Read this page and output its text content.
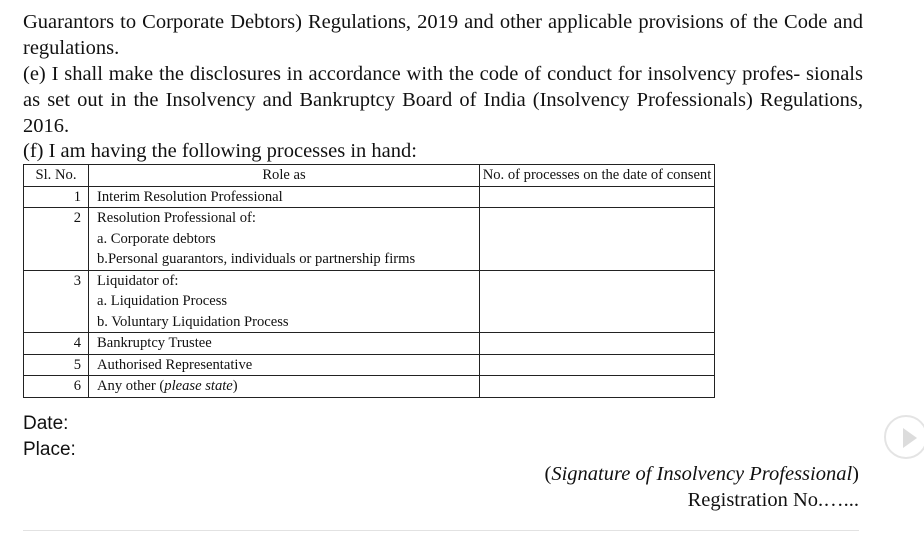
Guarantors to Corporate Debtors) Regulations, 2019 and other applicable provisions of the Code and regulations.
(e) I shall make the disclosures in accordance with the code of conduct for insolvency profes- sionals as set out in the Insolvency and Bankruptcy Board of India (Insolvency Professionals) Regulations, 2016.
(f) I am having the following processes in hand:
Sl. No.	Role as	No. of processes on the date of consent
1	Interim Resolution Professional	
2	Resolution Professional of:
a. Corporate debtors
b.Personal guarantors, individuals or partnership firms	

3	Liquidator of:
a. Liquidation Process
b. Voluntary Liquidation Process	

4	Bankruptcy Trustee	
5	Authorised Representative	
6	Any other (please state)	
Date:
Place:
(Signature of Insolvency Professional)
Registration No.…...
